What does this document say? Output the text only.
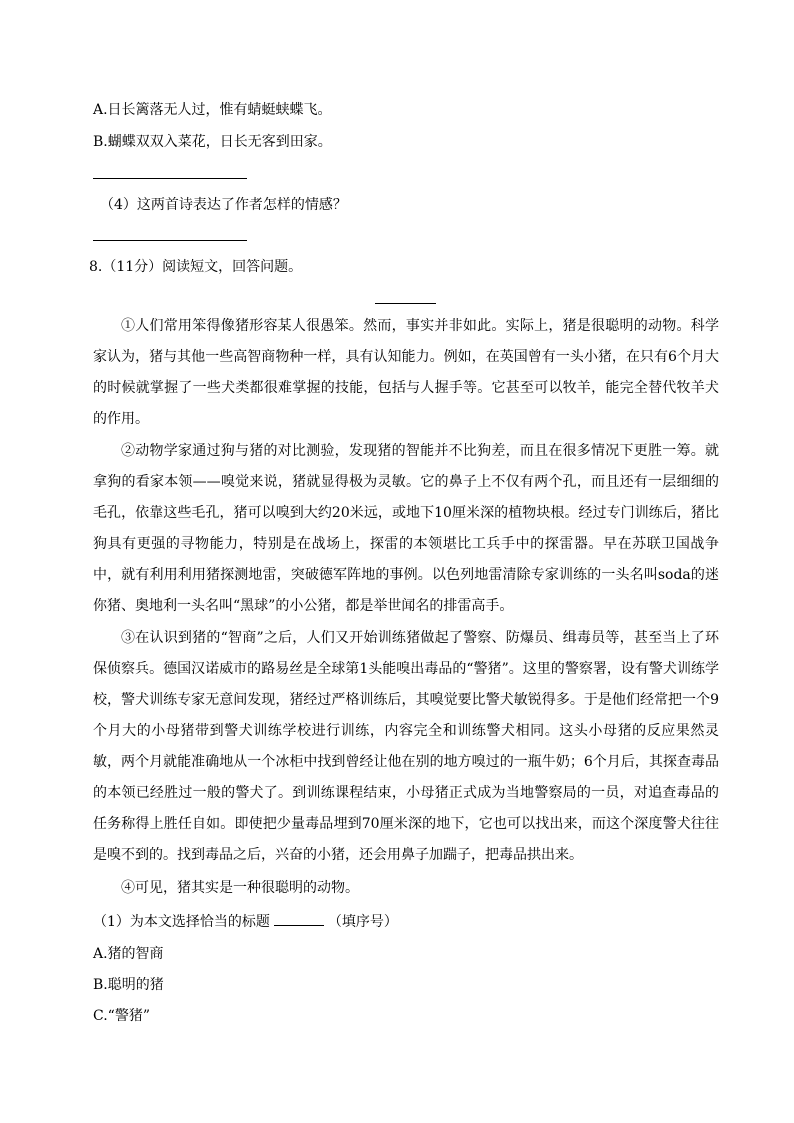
A.日长篱落无人过，惟有蜻蜓蛱蝶飞。
B.蝴蝶双双入菜花，日长无客到田家。
（4）这两首诗表达了作者怎样的情感？
8.（11分）阅读短文，回答问题。
①人们常用笨得像猪形容某人很愚笨。然而，事实并非如此。实际上，猪是很聪明的动物。科学家认为，猪与其他一些高智商物种一样，具有认知能力。例如，在英国曾有一头小猪，在只有6个月大的时候就掌握了一些犬类都很难掌握的技能，包括与人握手等。它甚至可以牧羊，能完全替代牧羊犬的作用。
②动物学家通过狗与猪的对比测验，发现猪的智能并不比狗差，而且在很多情况下更胜一筹。就拿狗的看家本领——嗅觉来说，猪就显得极为灵敏。它的鼻子上不仅有两个孔，而且还有一层细细的毛孔，依靠这些毛孔，猪可以嗅到大约20米远，或地下10厘米深的植物块根。经过专门训练后，猪比狗具有更强的寻物能力，特别是在战场上，探雷的本领堪比工兵手中的探雷器。早在苏联卫国战争中，就有利用利用猪探测地雷，突破德军阵地的事例。以色列地雷清除专家训练的一头名叫soda的迷你猪、奥地利一头名叫“黑球”的小公猪，都是举世闻名的排雷高手。
③在认识到猪的“智商”之后，人们又开始训练猪做起了警察、防爆员、缉毒员等，甚至当上了环保侦察兵。德国汉诺威市的路易丝是全球第1头能嗅出毒品的“警猪”。这里的警察署，设有警犬训练学校，警犬训练专家无意间发现，猪经过严格训练后，其嗅觉要比警犬敏锐得多。于是他们经常把一个9个月大的小母猪带到警犬训练学校进行训练，内容完全和训练警犬相同。这头小母猪的反应果然灵敏，两个月就能准确地从一个冰柜中找到曾经让他在别的地方嗅过的一瓶牛奶；6个月后，其探查毒品的本领已经胜过一般的警犬了。到训练课程结束，小母猪正式成为当地警察局的一员，对追查毒品的任务称得上胜任自如。即使把少量毒品埋到70厘米深的地下，它也可以找出来，而这个深度警犬往往是嗅不到的。找到毒品之后，兴奋的小猪，还会用鼻子加踹子，把毒品拱出来。
④可见，猪其实是一种很聪明的动物。
（1）为本文选择恰当的标题	（填序号）
A.猪的智商
B.聪明的猪
C.“警猪”
